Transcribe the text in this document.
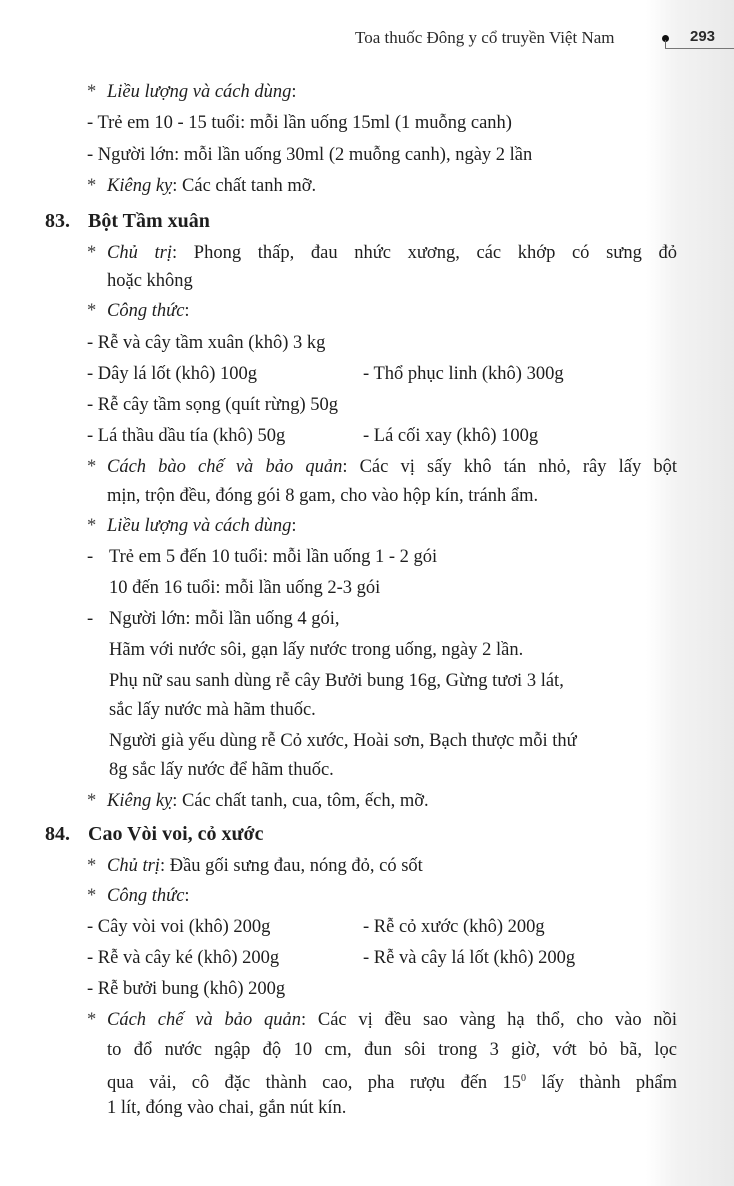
Toa thuốc Đông y cổ truyền Việt Nam	293
* Liều lượng và cách dùng:
- Trẻ em 10 - 15 tuổi: mỗi lần uống 15ml (1 muỗng canh)
- Người lớn: mỗi lần uống 30ml (2 muỗng canh), ngày 2 lần
* Kiêng kỵ: Các chất tanh mỡ.
83. Bột Tầm xuân
* Chủ trị: Phong thấp, đau nhức xương, các khớp có sưng đỏ
hoặc không
* Công thức:
- Rễ và cây tầm xuân (khô) 3 kg
- Dây lá lốt (khô) 100g	- Thổ phục linh (khô) 300g
- Rễ cây tầm sọng (quít rừng) 50g
- Lá thầu dầu tía (khô) 50g	- Lá cối xay (khô) 100g
* Cách bào chế và bảo quản: Các vị sấy khô tán nhỏ, rây lấy bột
mịn, trộn đều, đóng gói 8 gam, cho vào hộp kín, tránh ẩm.
* Liều lượng và cách dùng:
- Trẻ em 5 đến 10 tuổi: mỗi lần uống 1 - 2 gói
10 đến 16 tuổi: mỗi lần uống 2-3 gói
- Người lớn: mỗi lần uống 4 gói,
Hãm với nước sôi, gạn lấy nước trong uống, ngày 2 lần.
Phụ nữ sau sanh dùng rễ cây Bưởi bung 16g, Gừng tươi 3 lát,
sắc lấy nước mà hãm thuốc.
Người già yếu dùng rễ Cỏ xước, Hoài sơn, Bạch thược mỗi thứ
8g sắc lấy nước để hãm thuốc.
* Kiêng kỵ: Các chất tanh, cua, tôm, ếch, mỡ.
84. Cao Vòi voi, cỏ xước
* Chủ trị: Đầu gối sưng đau, nóng đỏ, có sốt
* Công thức:
- Cây vòi voi (khô) 200g	- Rễ cỏ xước (khô) 200g
- Rễ và cây ké (khô) 200g	- Rễ và cây lá lốt (khô) 200g
- Rễ bưởi bung (khô) 200g
* Cách chế và bảo quản: Các vị đều sao vàng hạ thổ, cho vào nồi
to đổ nước ngập độ 10 cm, đun sôi trong 3 giờ, vớt bỏ bã, lọc
qua vải, cô đặc thành cao, pha rượu đến $15^0$ lấy thành phẩm
1 lít, đóng vào chai, gắn nút kín.
